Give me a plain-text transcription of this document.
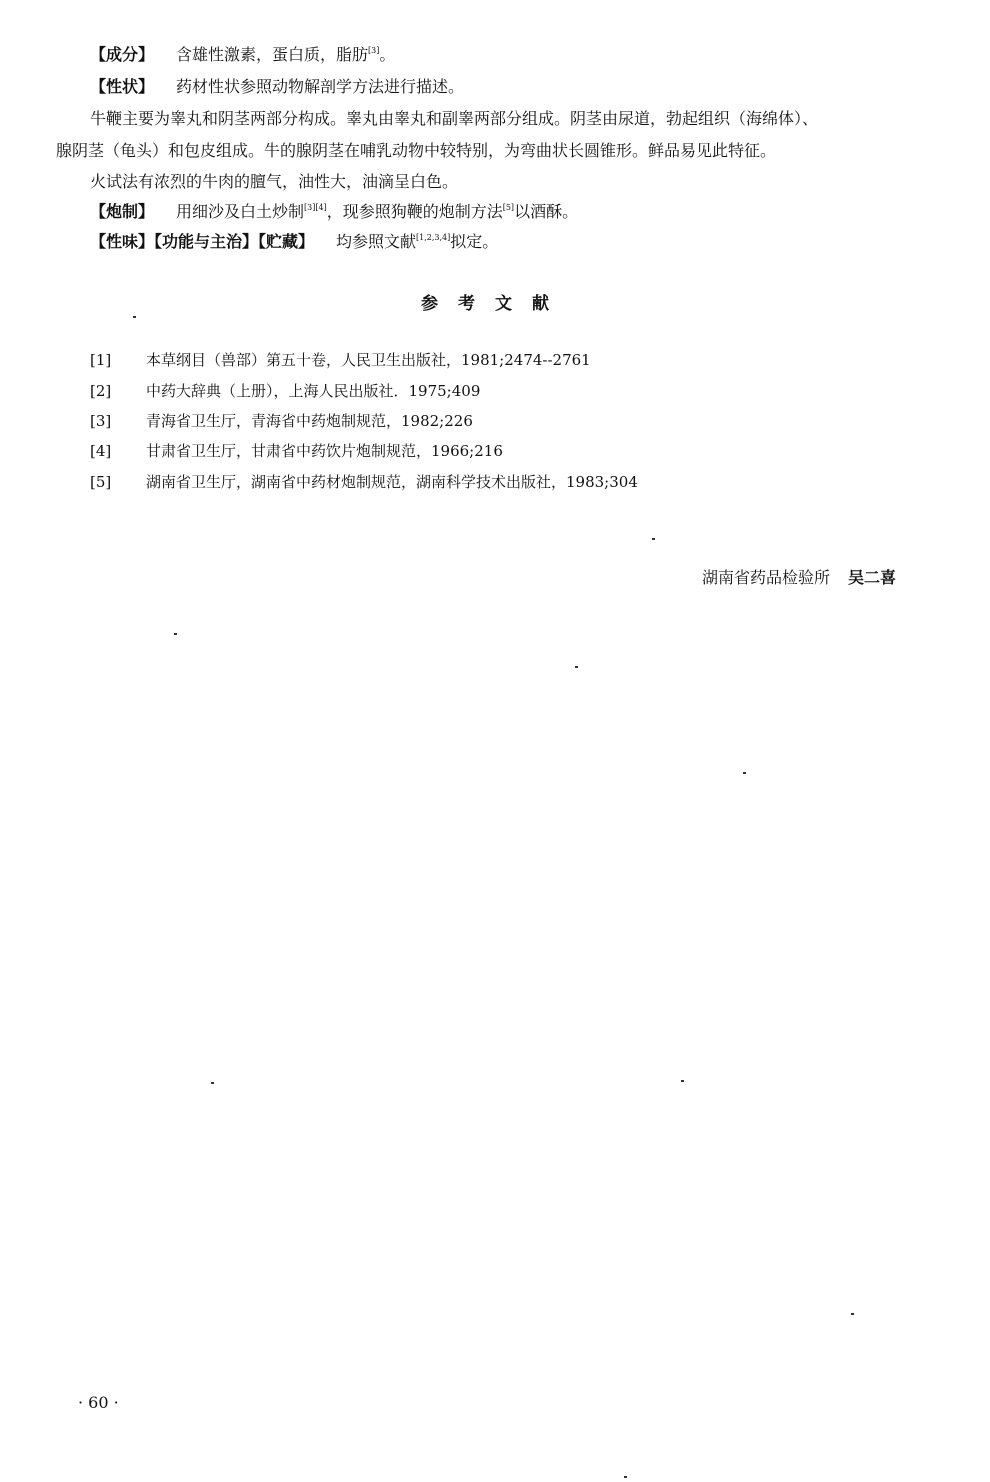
【成分】 含雄性激素，蛋白质，脂肪[3]。
【性状】 药材性状参照动物解剖学方法进行描述。
牛鞭主要为睾丸和阴茎两部分构成。睾丸由睾丸和副睾两部分组成。阴茎由尿道，勃起组织（海绵体）、
腺阴茎（龟头）和包皮组成。牛的腺阴茎在哺乳动物中较特别，为弯曲状长圆锥形。鲜品易见此特征。
火试法有浓烈的牛肉的膻气，油性大，油滴呈白色。
【炮制】 用细沙及白土炒制[3][4]，现参照狗鞭的炮制方法[5]以酒酥。
【性味】【功能与主治】【贮藏】 均参照文献[1,2,3,4]拟定。
参考文献
[1] 本草纲目（兽部）第五十卷，人民卫生出版社，1981;2474--2761
[2] 中药大辞典（上册），上海人民出版社．1975;409
[3] 青海省卫生厅，青海省中药炮制规范，1982;226
[4] 甘肃省卫生厅，甘肃省中药饮片炮制规范，1966;216
[5] 湖南省卫生厅，湖南省中药材炮制规范，湖南科学技术出版社，1983;304
湖南省药品检验所 吴二喜
· 60 ·
